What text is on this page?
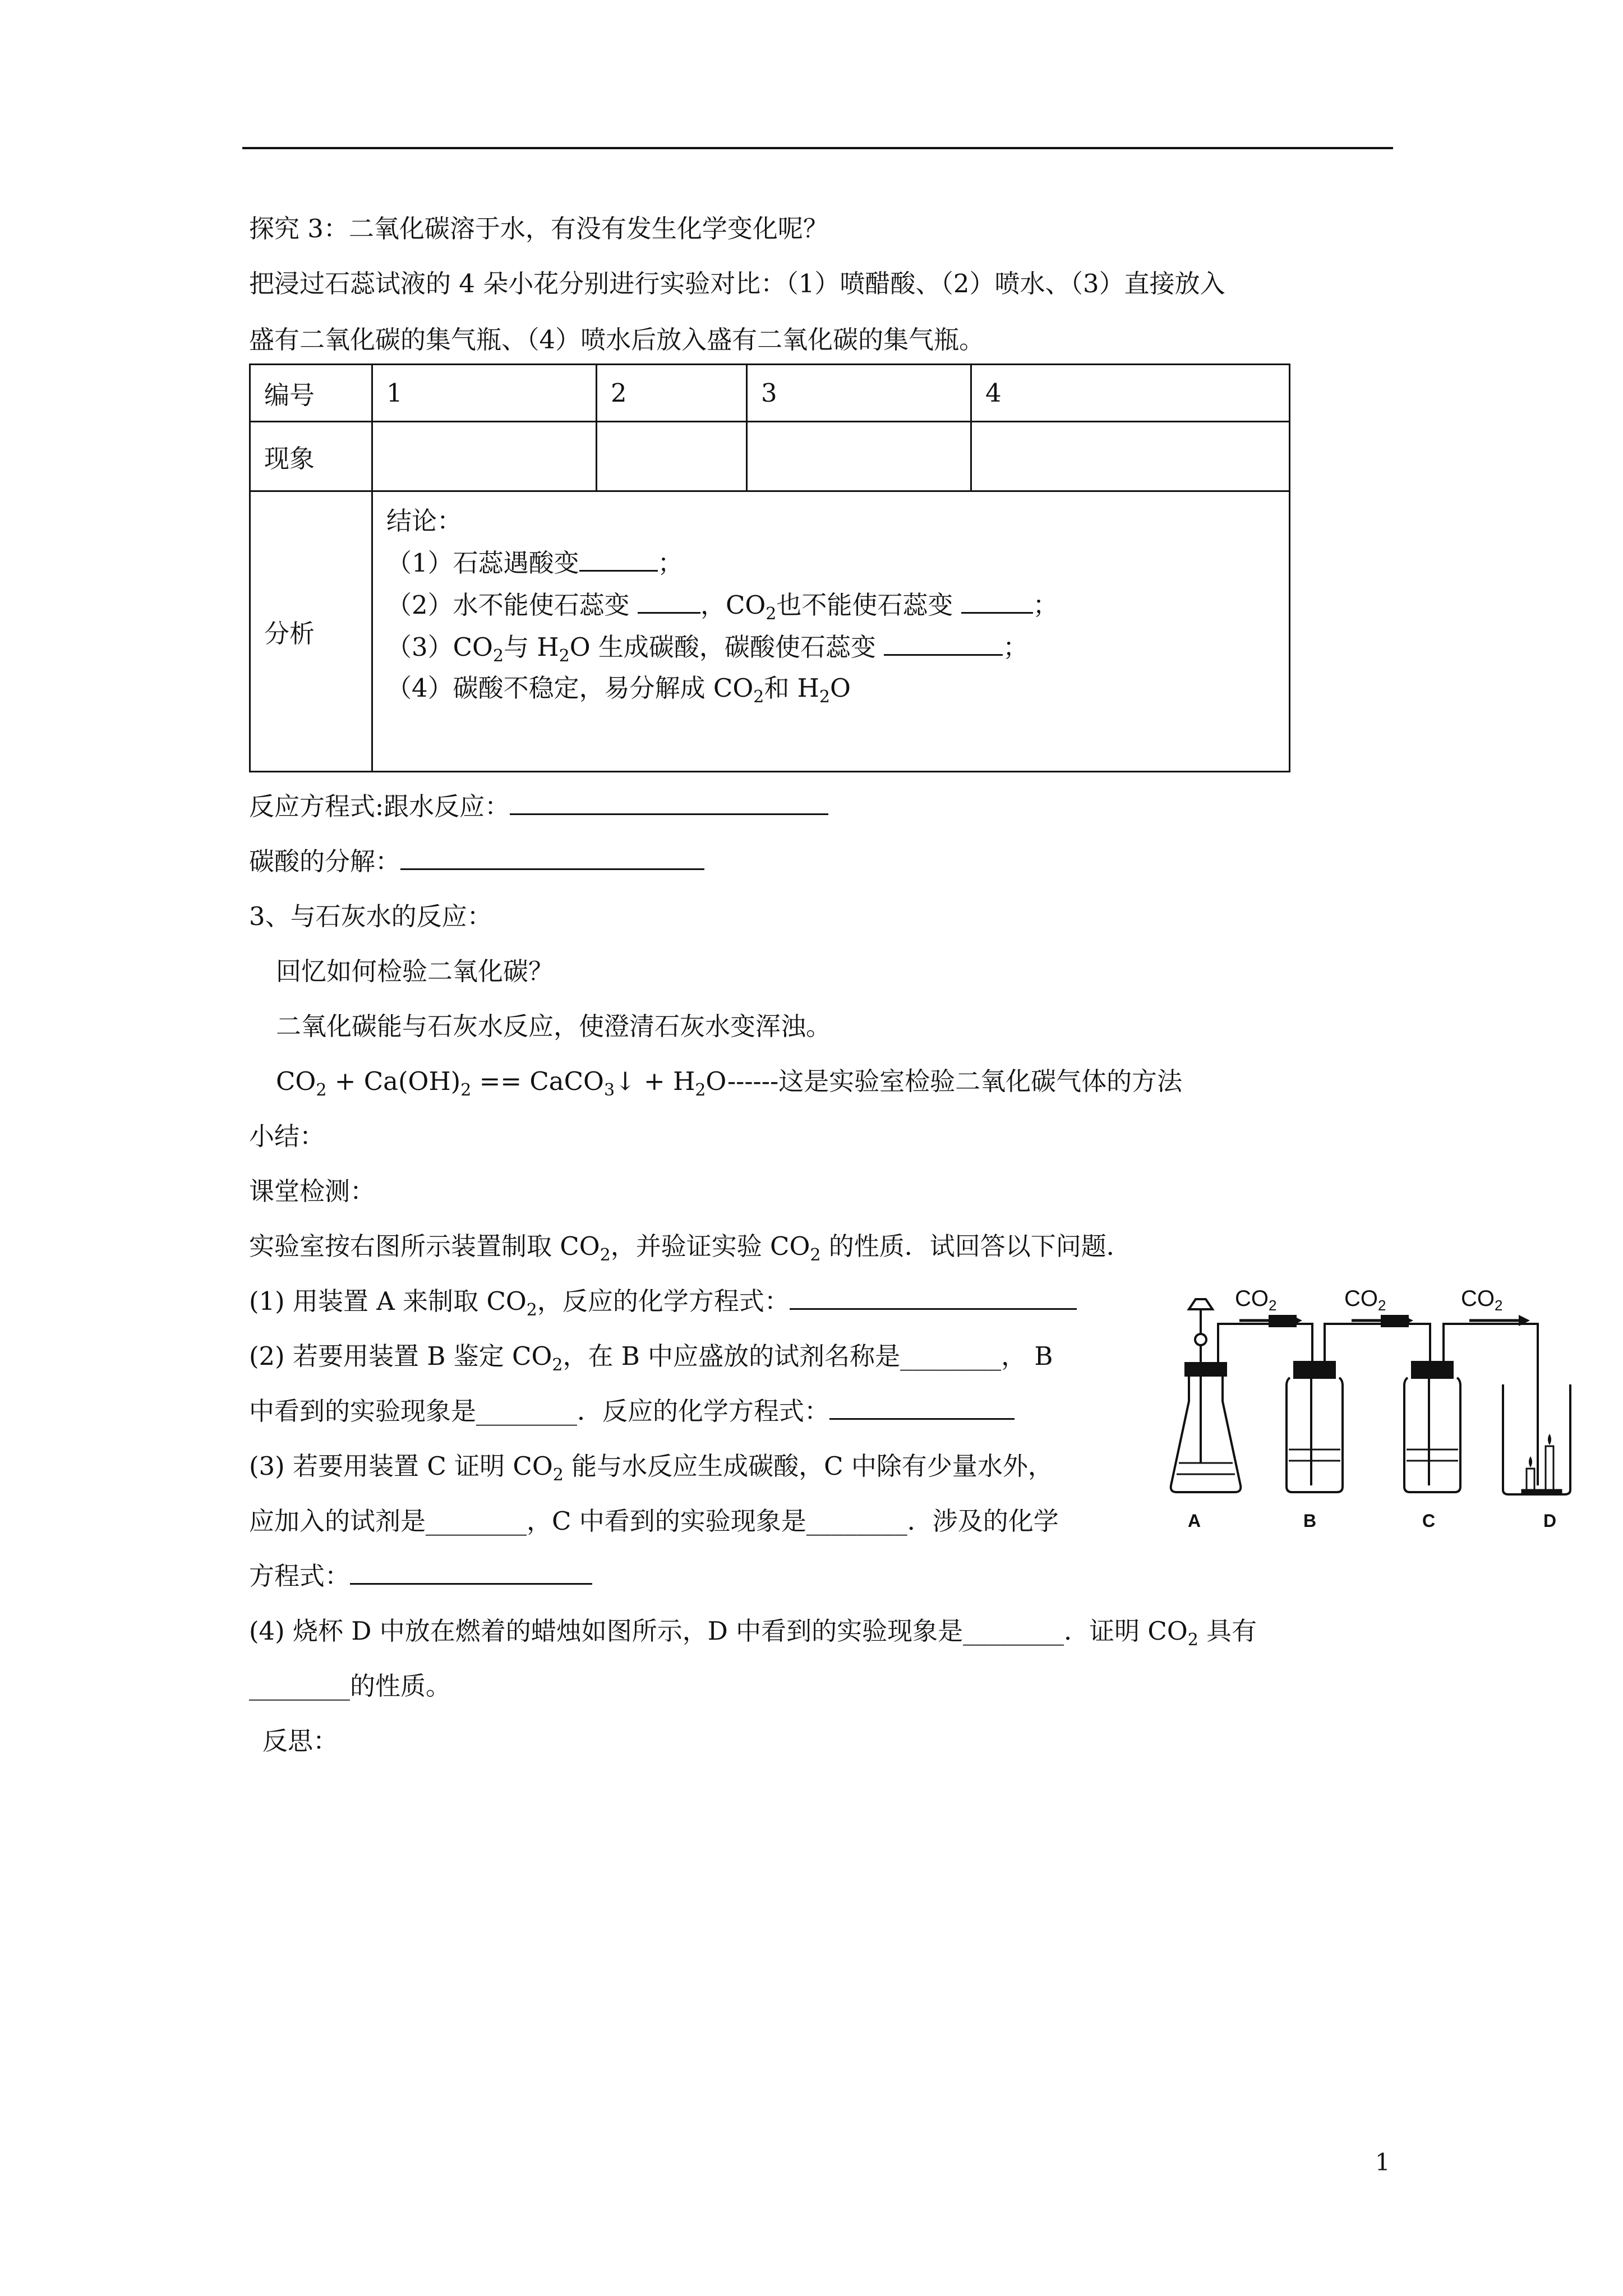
探究 3：二氧化碳溶于水，有没有发生化学变化呢？
把浸过石蕊试液的 4 朵小花分别进行实验对比：（1）喷醋酸、（2）喷水、（3）直接放入
盛有二氧化碳的集气瓶、（4）喷水后放入盛有二氧化碳的集气瓶。
编号	1	2	3	4
现象				
分析	结论：
（1）石蕊遇酸变 ；
（2）水不能使石蕊变 ，$CO_2$也不能使石蕊变 ；
$(3)CO_2$与 $H_2O$ 生成碳酸，碳酸使石蕊变 ；
（4）碳酸不稳定，易分解成 $CO_2$和 $H_2O$			
反应方程式:跟水反应：
碳酸的分解：
3、与石灰水的反应：
回忆如何检验二氧化碳？
二氧化碳能与石灰水反应，使澄清石灰水变浑浊。
$CO_2 + Ca(OH)_2$ == CaCO$_3$↓ + $H_2O------$这是实验室检验二氧化碳气体的方法
小结：
课堂检测：
实验室按右图所示装置制取 $CO_2$，并验证实验 $CO_2$ 的性质．试回答以下问题．
(1) 用装置 A 来制取 $CO_2$，反应的化学方程式：
(2) 若要用装置 B 鉴定 $CO_2$，在 B 中应盛放的试剂名称是________， B
中看到的实验现象是________．反应的化学方程式：
(3) 若要用装置 C 证明 $CO_2$ 能与水反应生成碳酸，C 中除有少量水外，
应加入的试剂是________，C 中看到的实验现象是________．涉及的化学
方程式：
(4) 烧杯 D 中放在燃着的蜡烛如图所示，D 中看到的实验现象是________．证明 $CO_2$ 具有
________的性质。
反思：
$CO_2$	$CO_2$	$CO_2$
A	B	C	D
1
